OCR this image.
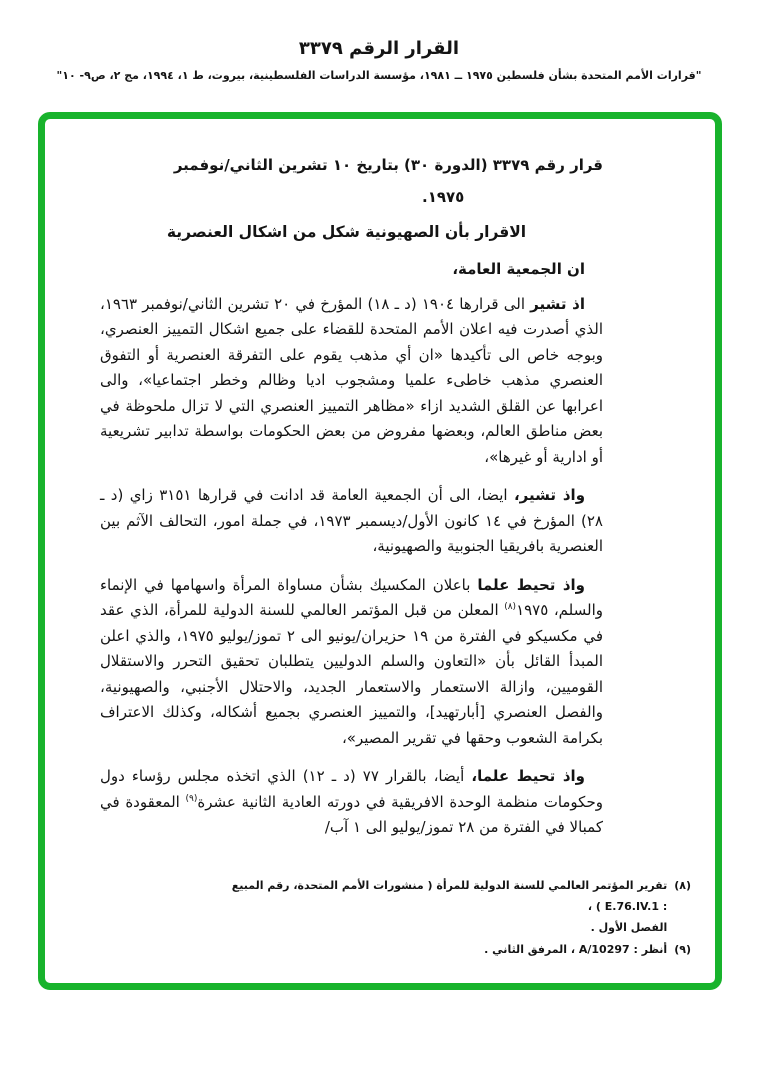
القرار الرقم ٣٣٧٩

"قرارات الأمم المتحدة بشأن فلسطين ١٩٧٥ ــ ١٩٨١، مؤسسة الدراسات الفلسطينية، بيروت، ط ١، ١٩٩٤، مج ٢، ص٩- ١٠"

قرار رقم ٣٣٧٩ (الدورة ٣٠) بتاريخ ١٠ تشرين الثاني/نوفمبر
١٩٧٥.

الاقرار بأن الصهيونية شكل من اشكال العنصرية

ان الجمعية العامة،

اذ تشير الى قرارها ١٩٠٤ (د ـ ١٨) المؤرخ في ٢٠ تشرين الثاني/نوفمبر ١٩٦٣، الذي أصدرت فيه اعلان الأمم المتحدة للقضاء على جميع اشكال التمييز العنصري، وبوجه خاص الى تأكيدها «ان أي مذهب يقوم على التفرقة العنصرية أو التفوق العنصري مذهب خاطىء علميا ومشجوب اديا وظالم وخطر اجتماعيا»، والى اعرابها عن القلق الشديد ازاء «مظاهر التمييز العنصري التي لا تزال ملحوظة في بعض مناطق العالم، وبعضها مفروض من بعض الحكومات بواسطة تدابير تشريعية أو ادارية أو غيرها»،

واذ تشير، ايضا، الى أن الجمعية العامة قد ادانت في قرارها ٣١٥١ زاي (د ـ ٢٨) المؤرخ في ١٤ كانون الأول/ديسمبر ١٩٧٣، في جملة امور، التحالف الآثم بين العنصرية بافريقيا الجنوبية والصهيونية،

واذ تحيط علما باعلان المكسيك بشأن مساواة المرأة واسهامها في الإنماء والسلم، ١٩٧٥$^{(٨)}$ المعلن من قبل المؤتمر العالمي للسنة الدولية للمرأة، الذي عقد في مكسيكو في الفترة من ١٩ حزيران/يونيو الى ٢ تموز/يوليو ١٩٧٥، والذي اعلن المبدأ القائل بأن «التعاون والسلم الدوليين يتطلبان تحقيق التحرر والاستقلال القوميين، وازالة الاستعمار والاستعمار الجديد، والاحتلال الأجنبي، والصهيونية، والفصل العنصري [أبارتهيد]، والتمييز العنصري بجميع أشكاله، وكذلك الاعتراف بكرامة الشعوب وحقها في تقرير المصير»،

واذ تحيط علما، أيضا، بالقرار ٧٧ (د ـ ١٢) الذي اتخذه مجلس رؤساء دول وحكومات منظمة الوحدة الافريقية في دورته العادية الثانية عشرة$^{(٩)}$ المعقودة في كمبالا في الفترة من ٢٨ تموز/يوليو الى ١ آب/

(٨)
تقرير المؤتمر العالمي للسنة الدولية للمرأة ( منشورات الأمم المتحدة، رقم المبيع : E.76.IV.1 ) ،
الفصل الأول .
(٩)
أنظر : A/10297 ، المرفق الثاني .
